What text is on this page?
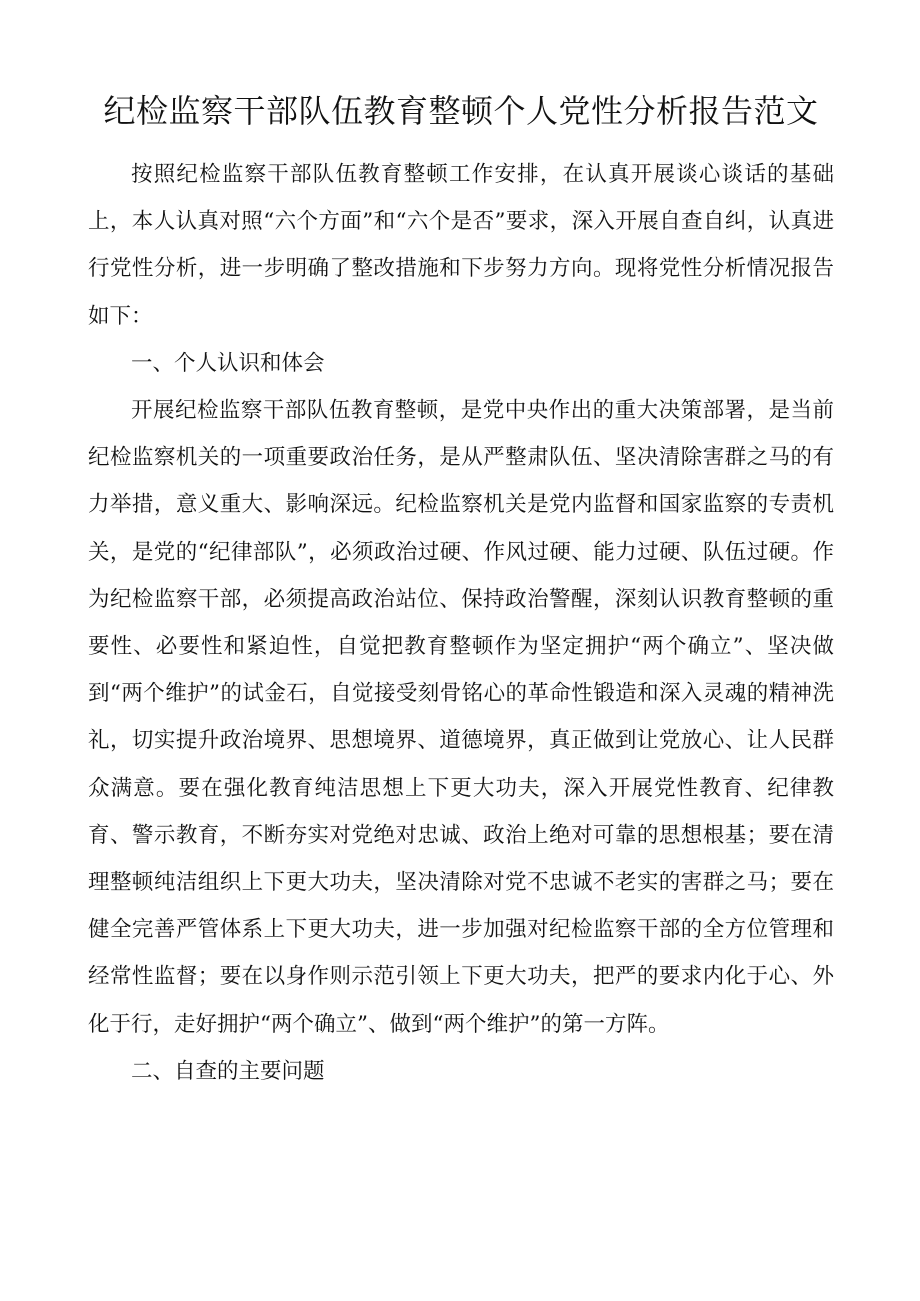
纪检监察干部队伍教育整顿个人党性分析报告范文

按照纪检监察干部队伍教育整顿工作安排，在认真开展谈心谈话的基础上，本人认真对照“六个方面”和“六个是否”要求，深入开展自查自纠，认真进行党性分析，进一步明确了整改措施和下步努力方向。现将党性分析情况报告如下：

一、个人认识和体会

开展纪检监察干部队伍教育整顿，是党中央作出的重大决策部署，是当前纪检监察机关的一项重要政治任务，是从严整肃队伍、坚决清除害群之马的有力举措，意义重大、影响深远。纪检监察机关是党内监督和国家监察的专责机关，是党的“纪律部队”，必须政治过硬、作风过硬、能力过硬、队伍过硬。作为纪检监察干部，必须提高政治站位、保持政治警醒，深刻认识教育整顿的重要性、必要性和紧迫性，自觉把教育整顿作为坚定拥护“两个确立”、坚决做到“两个维护”的试金石，自觉接受刻骨铭心的革命性锻造和深入灵魂的精神洗礼，切实提升政治境界、思想境界、道德境界，真正做到让党放心、让人民群众满意。要在强化教育纯洁思想上下更大功夫，深入开展党性教育、纪律教育、警示教育，不断夯实对党绝对忠诚、政治上绝对可靠的思想根基；要在清理整顿纯洁组织上下更大功夫，坚决清除对党不忠诚不老实的害群之马；要在健全完善严管体系上下更大功夫，进一步加强对纪检监察干部的全方位管理和经常性监督；要在以身作则示范引领上下更大功夫，把严的要求内化于心、外化于行，走好拥护“两个确立”、做到“两个维护”的第一方阵。

二、自查的主要问题
